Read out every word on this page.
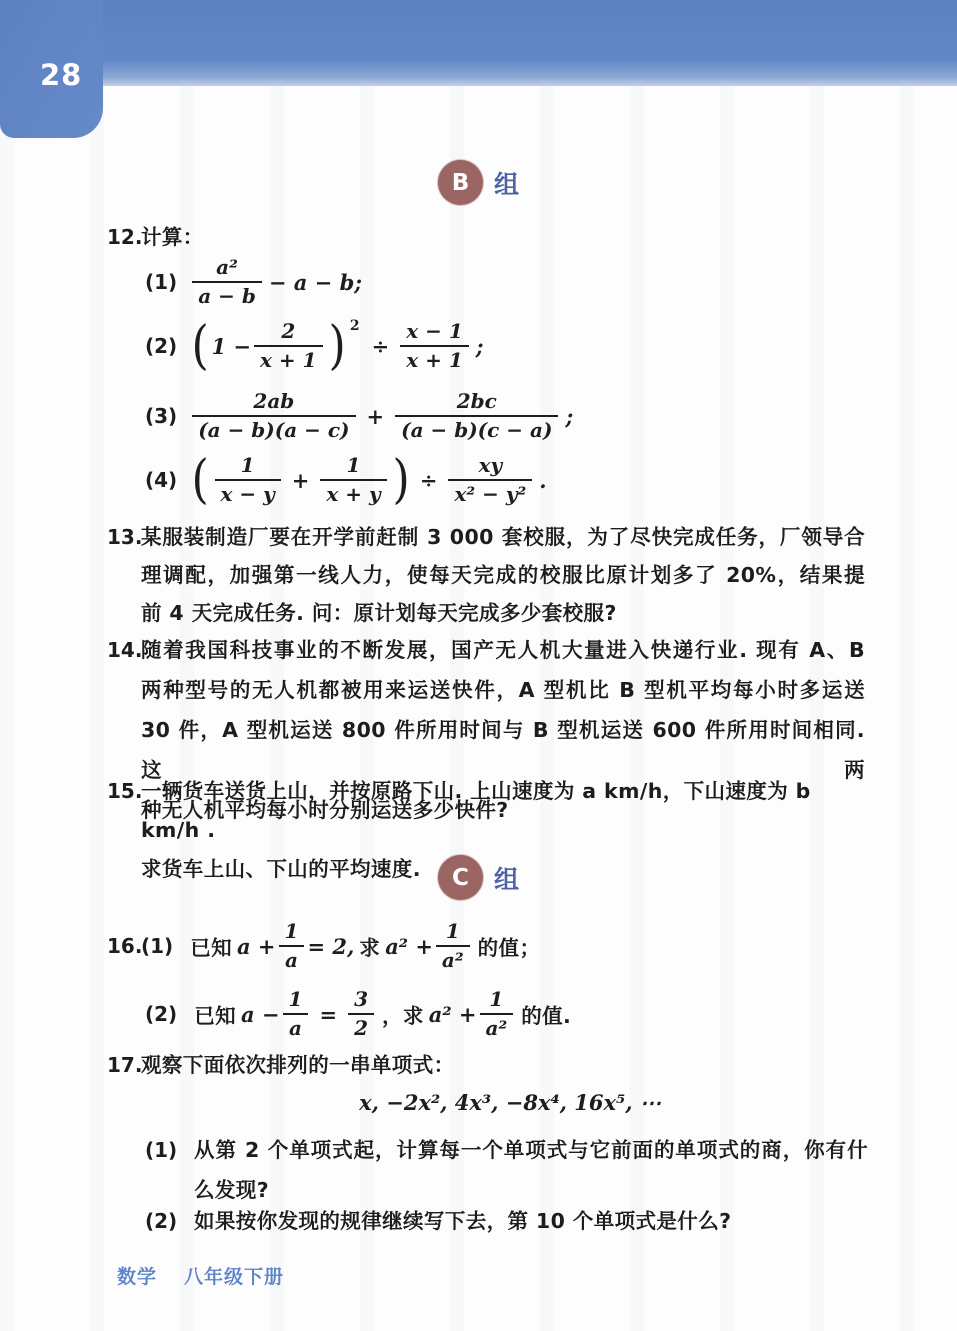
28
B 组
12.
计算：
$(1) \frac{\text{a²}}{a - b} - a - b$;
(2) ( $1 - \frac{2}{x + 1}$ ) 2
÷ $\frac{x - 1}{x + 1}$ ;
$(3) \frac{2ab}{(a - b)(a - c)} + \frac{2bc}{(a - b)(c - a)}$ ;
(4) ( $\frac{1}{x - y} + \frac{1}{x + y}$ ) ÷ $\frac{xy}{\text{x² − y²}}$ .
13.
某服装制造厂要在开学前赶制 3 000 套校服，为了尽快完成任务，厂领导合
理调配，加强第一线人力，使每天完成的校服比原计划多了 20%，结果提
前 4 天完成任务. 问：原计划每天完成多少套校服?
14.
随着我国科技事业的不断发展，国产无人机大量进入快递行业. 现有 A、B
两种型号的无人机都被用来运送快件，A 型机比 B 型机平均每小时多运送
30 件，A 型机运送 800 件所用时间与 B 型机运送 600 件所用时间相同. 这两
种无人机平均每小时分别运送多少快件?
15.
一辆货车送货上山，并按原路下山. 上山速度为 a km/h，下山速度为 b km/h .
求货车上山、下山的平均速度.	C	组
16.
(1) 已知 $a + \frac{1}{a} = 2$, 求 $a^2 + \frac{1}{\text{a²}}$ 的值；
(2) 已知 $a - \frac{1}{a} = \frac{3}{2}$ ，求 $a^2 + \frac{1}{\text{a²}}$ 的值.
17.
观察下面依次排列的一串单项式：
x, −2x², 4x³, −8x⁴, 16x⁵, ⋯
(1) 从第 2 个单项式起，计算每一个单项式与它前面的单项式的商，你有什
么发现?
(2) 如果按你发现的规律继续写下去，第 10 个单项式是什么?
数学 八年级下册
